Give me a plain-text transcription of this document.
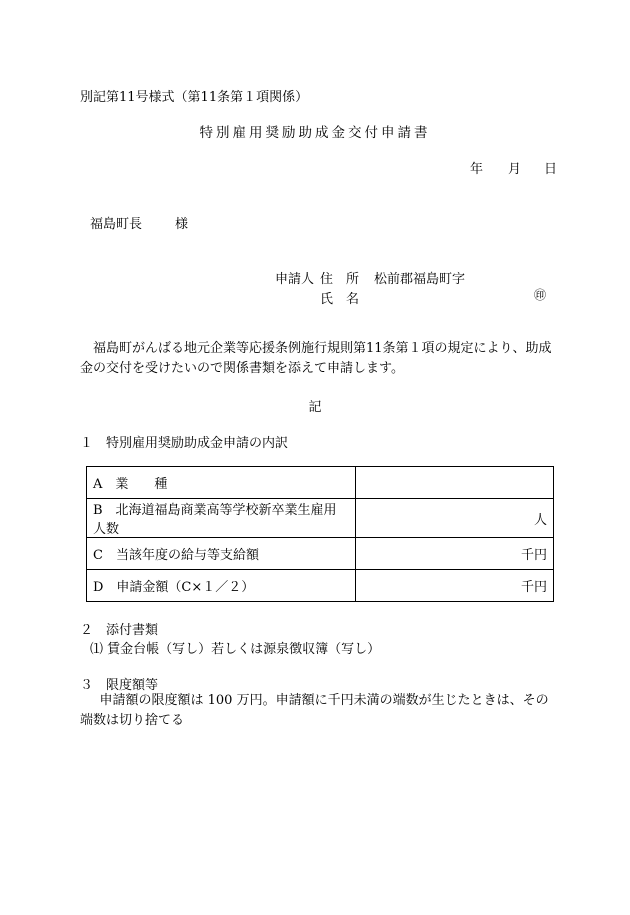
別記第11号様式（第11条第１項関係）
特別雇用奨励助成金交付申請書
年 月 日
福島町長	様
申請人 住　所 松前郡福島町字
氏　名	㊞
福島町がんばる地元企業等応援条例施行規則第11条第１項の規定により、助成金の交付を受けたいので関係書類を添えて申請します。
記
１　特別雇用奨励助成金申請の内訳
A　業　　種	
B　北海道福島商業高等学校新卒業生雇用人数	人
C　当該年度の給与等支給額	千円
D　申請金額（C×１／２）	千円
２　添付書類
⑴ 賃金台帳（写し）若しくは源泉徴収簿（写し）
３　限度額等
申請額の限度額は 100 万円。申請額に千円未満の端数が生じたときは、その端数は切り捨てる
